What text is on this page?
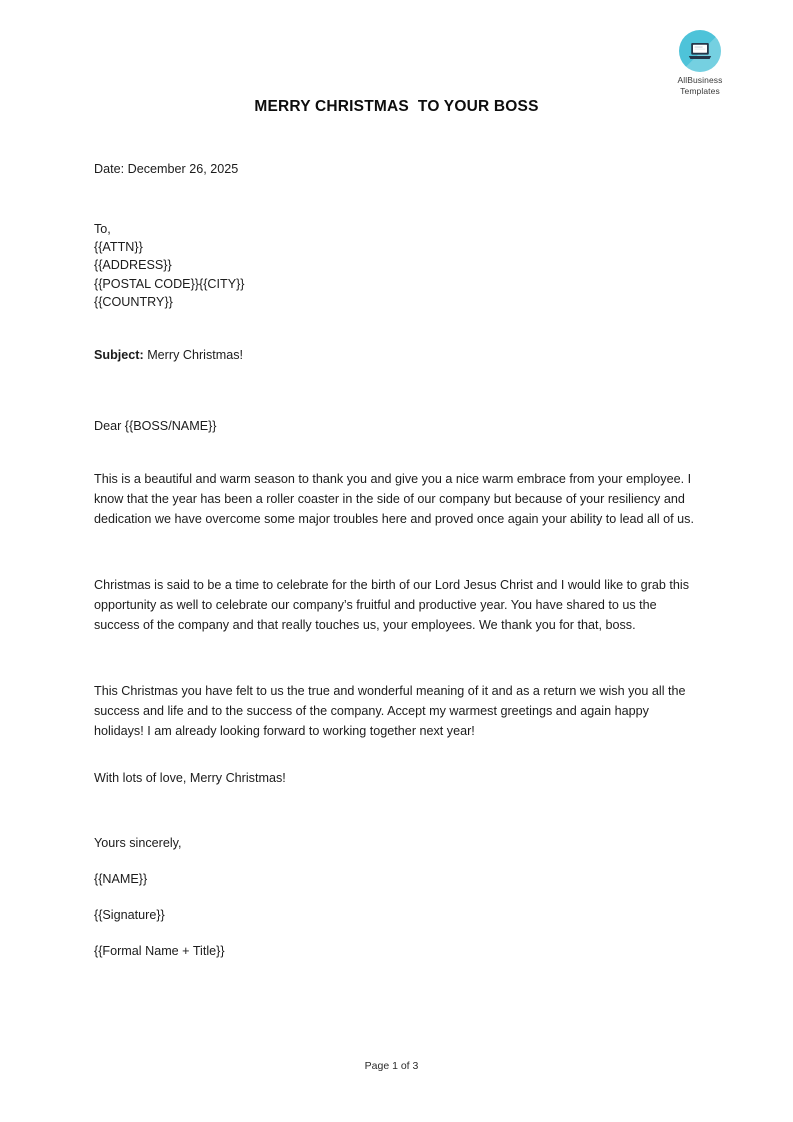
AllBusiness
Templates
MERRY CHRISTMAS  TO YOUR BOSS

Date: December 26, 2025

To,
{{ATTN}}
{{ADDRESS}}
{{POSTAL CODE}}{{CITY}}
{{COUNTRY}}
Subject: Merry Christmas!
Dear {{BOSS/NAME}}

This is a beautiful and warm season to thank you and give you a nice warm embrace from your employee. I know that the year has been a roller coaster in the side of our company but because of your resiliency and dedication we have overcome some major troubles here and proved once again your ability to lead all of us.

Christmas is said to be a time to celebrate for the birth of our Lord Jesus Christ and I would like to grab this opportunity as well to celebrate our company’s fruitful and productive year. You have shared to us the success of the company and that really touches us, your employees. We thank you for that, boss.

This Christmas you have felt to us the true and wonderful meaning of it and as a return we wish you all the success and life and to the success of the company. Accept my warmest greetings and again happy holidays! I am already looking forward to working together next year!

With lots of love, Merry Christmas!
Yours sincerely,
{{NAME}}
{{Signature}}
{{Formal Name + Title}}
Page 1 of 3
